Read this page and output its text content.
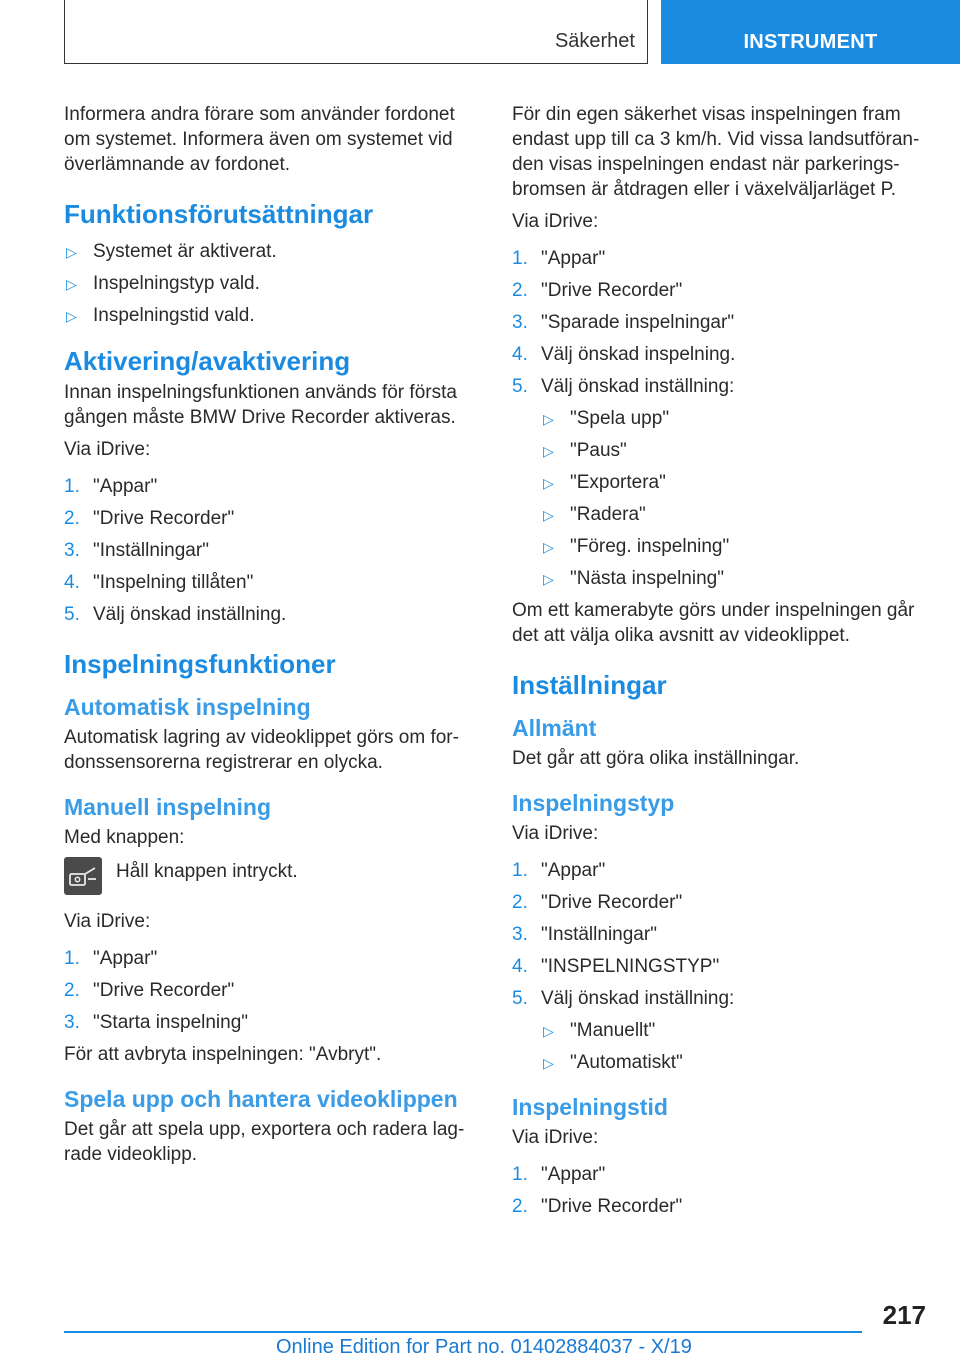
Säkerhet	INSTRUMENT

Informera andra förare som använder fordonet om systemet. Informera även om systemet vid överlämnande av fordonet.

Funktionsförutsättningar
▷ Systemet är aktiverat.
▷ Inspelningstyp vald.
▷ Inspelningstid vald.
Aktivering/avaktivering

Innan inspelningsfunktionen används för första gången måste BMW Drive Recorder aktiveras.

Via iDrive:

1. "Appar"
2. "Drive Recorder"
3. "Inställningar"
4. "Inspelning tillåten"
5. Välj önskad inställning.
Inspelningsfunktioner
Automatisk inspelning

Automatisk lagring av videoklippet görs om for-donssensorerna registrerar en olycka.

Manuell inspelning

Med knappen:

Håll knappen intryckt.

Via iDrive:

1. "Appar"
2. "Drive Recorder"
3. "Starta inspelning"

För att avbryta inspelningen: "Avbryt".

Spela upp och hantera videoklippen

Det går att spela upp, exportera och radera lag-rade videoklipp.

För din egen säkerhet visas inspelningen fram endast upp till ca 3 km/h. Vid vissa landsutföran-den visas inspelningen endast när parkerings-bromsen är åtdragen eller i växelväljarläget P.

Via iDrive:

1. "Appar"
2. "Drive Recorder"
3. "Sparade inspelningar"
4. Välj önskad inspelning.
5. Välj önskad inställning:
▷ "Spela upp"
▷ "Paus"
▷ "Exportera"
▷ "Radera"
▷ "Föreg. inspelning"
▷ "Nästa inspelning"

Om ett kamerabyte görs under inspelningen går det att välja olika avsnitt av videoklippet.

Inställningar
Allmänt

Det går att göra olika inställningar.

Inspelningstyp

Via iDrive:

1. "Appar"
2. "Drive Recorder"
3. "Inställningar"
4. "INSPELNINGSTYP"
5. Välj önskad inställning:
▷ "Manuellt"
▷ "Automatiskt"
Inspelningstid

Via iDrive:

1. "Appar"
2. "Drive Recorder"
217
Online Edition for Part no. 01402884037 - X/19
